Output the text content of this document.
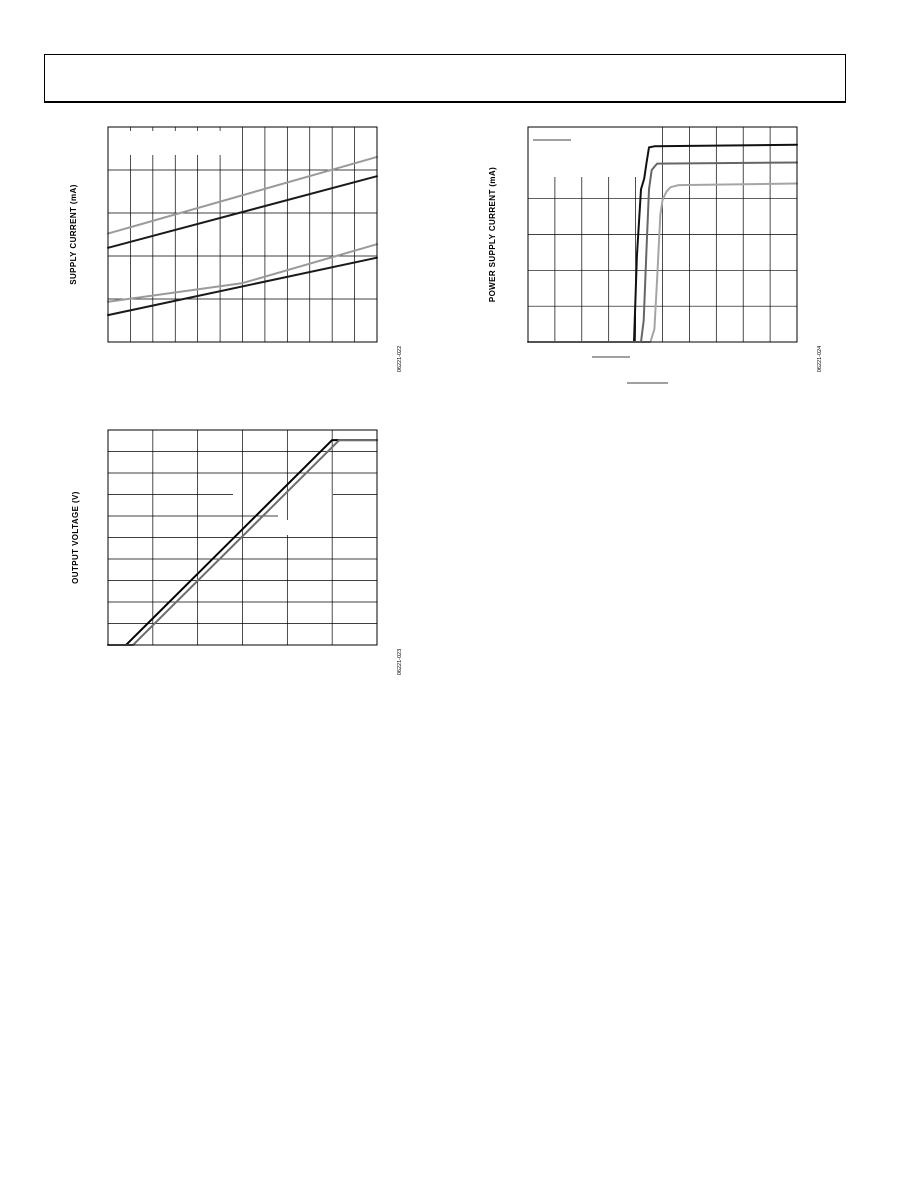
SUPPLY CURRENT (mA)
06221-022
POWER SUPPLY CURRENT (mA)
06221-024
OUTPUT VOLTAGE (V)
06221-023
